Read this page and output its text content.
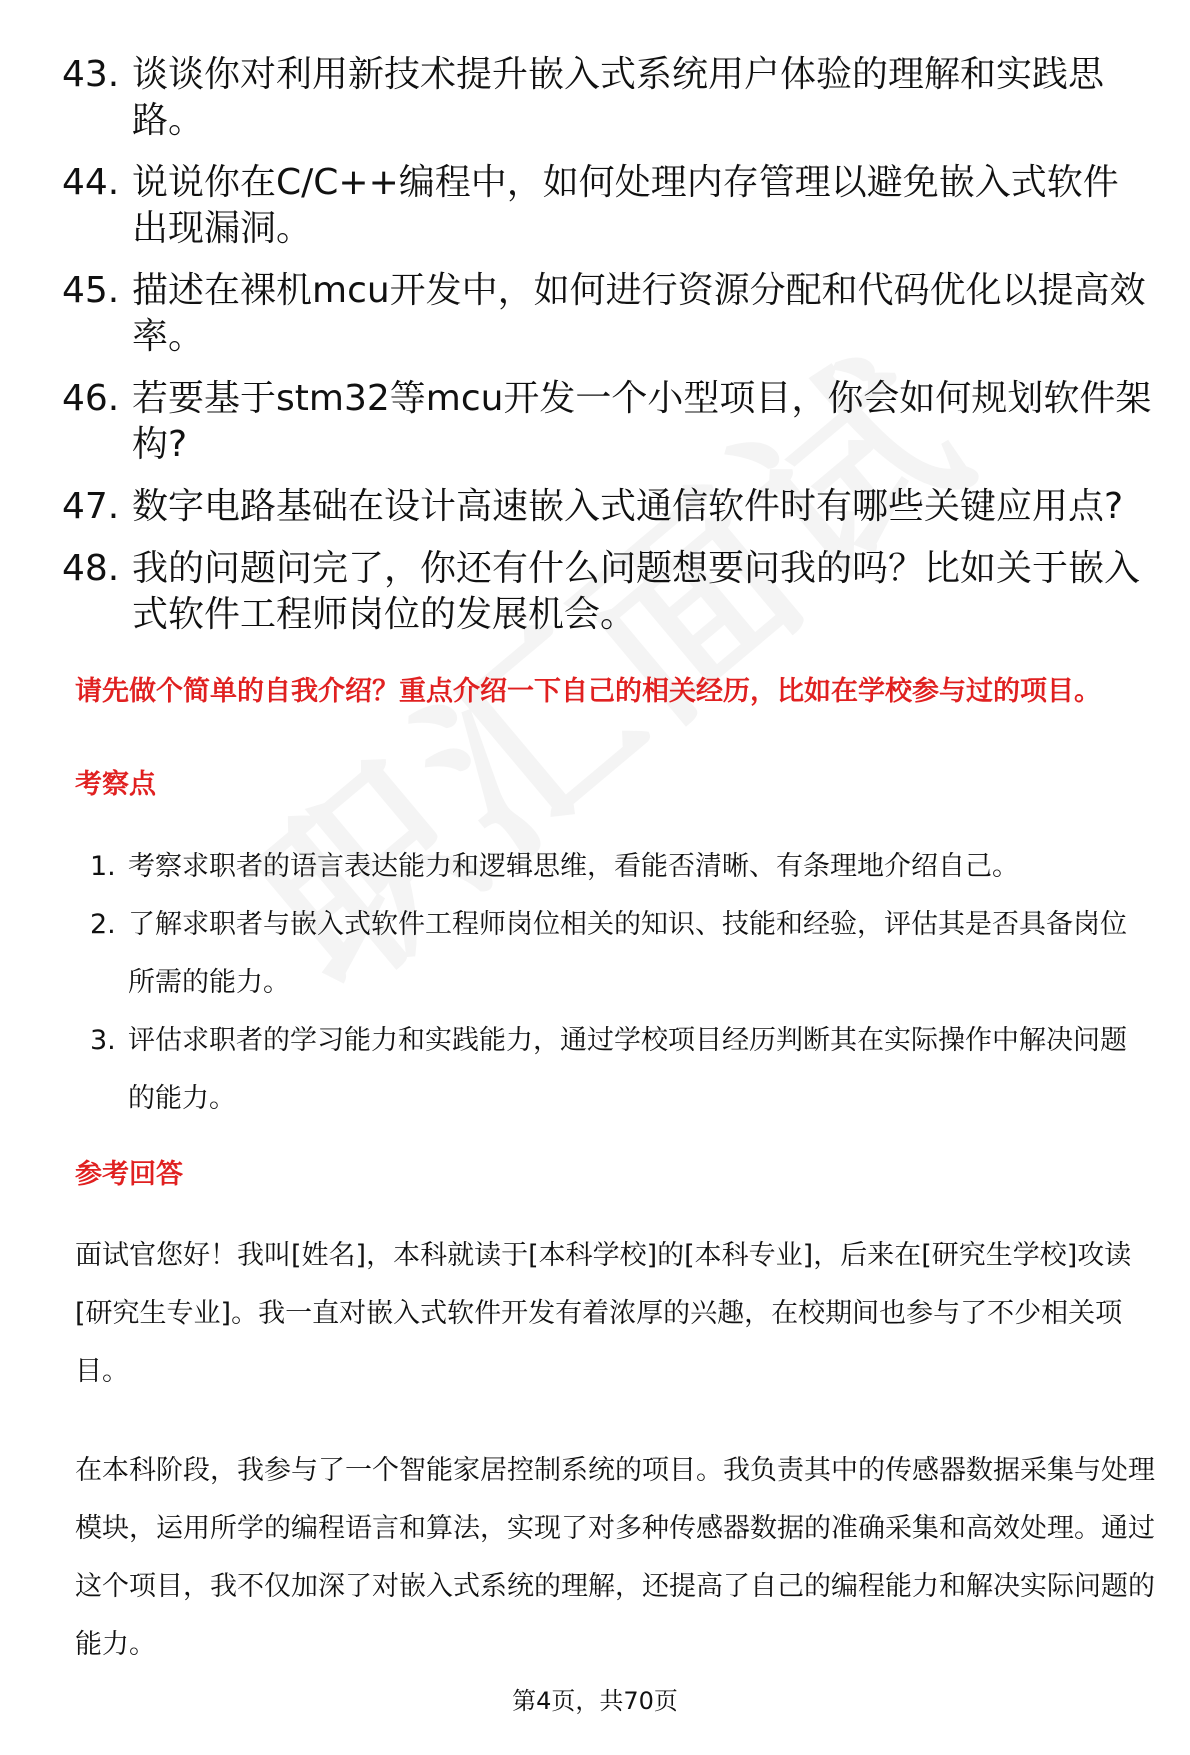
43. 谈谈你对利用新技术提升嵌入式系统用户体验的理解和实践思路。
44. 说说你在C/C++编程中，如何处理内存管理以避免嵌入式软件出现漏洞。
45. 描述在裸机mcu开发中，如何进行资源分配和代码优化以提高效率。
46. 若要基于stm32等mcu开发一个小型项目，你会如何规划软件架构?
47. 数字电路基础在设计高速嵌入式通信软件时有哪些关键应用点?
48. 我的问题问完了，你还有什么问题想要问我的吗？比如关于嵌入式软件工程师岗位的发展机会。
请先做个简单的自我介绍？重点介绍一下自己的相关经历，比如在学校参与过的项目。
考察点
1. 考察求职者的语言表达能力和逻辑思维，看能否清晰、有条理地介绍自己。
2. 了解求职者与嵌入式软件工程师岗位相关的知识、技能和经验，评估其是否具备岗位所需的能力。
3. 评估求职者的学习能力和实践能力，通过学校项目经历判断其在实际操作中解决问题的能力。
参考回答
面试官您好！我叫[姓名]，本科就读于[本科学校]的[本科专业]，后来在[研究生学校]攻读[研究生专业]。我一直对嵌入式软件开发有着浓厚的兴趣，在校期间也参与了不少相关项目。
在本科阶段，我参与了一个智能家居控制系统的项目。我负责其中的传感器数据采集与处理模块，运用所学的编程语言和算法，实现了对多种传感器数据的准确采集和高效处理。通过这个项目，我不仅加深了对嵌入式系统的理解，还提高了自己的编程能力和解决实际问题的能力。
第4页，共70页
